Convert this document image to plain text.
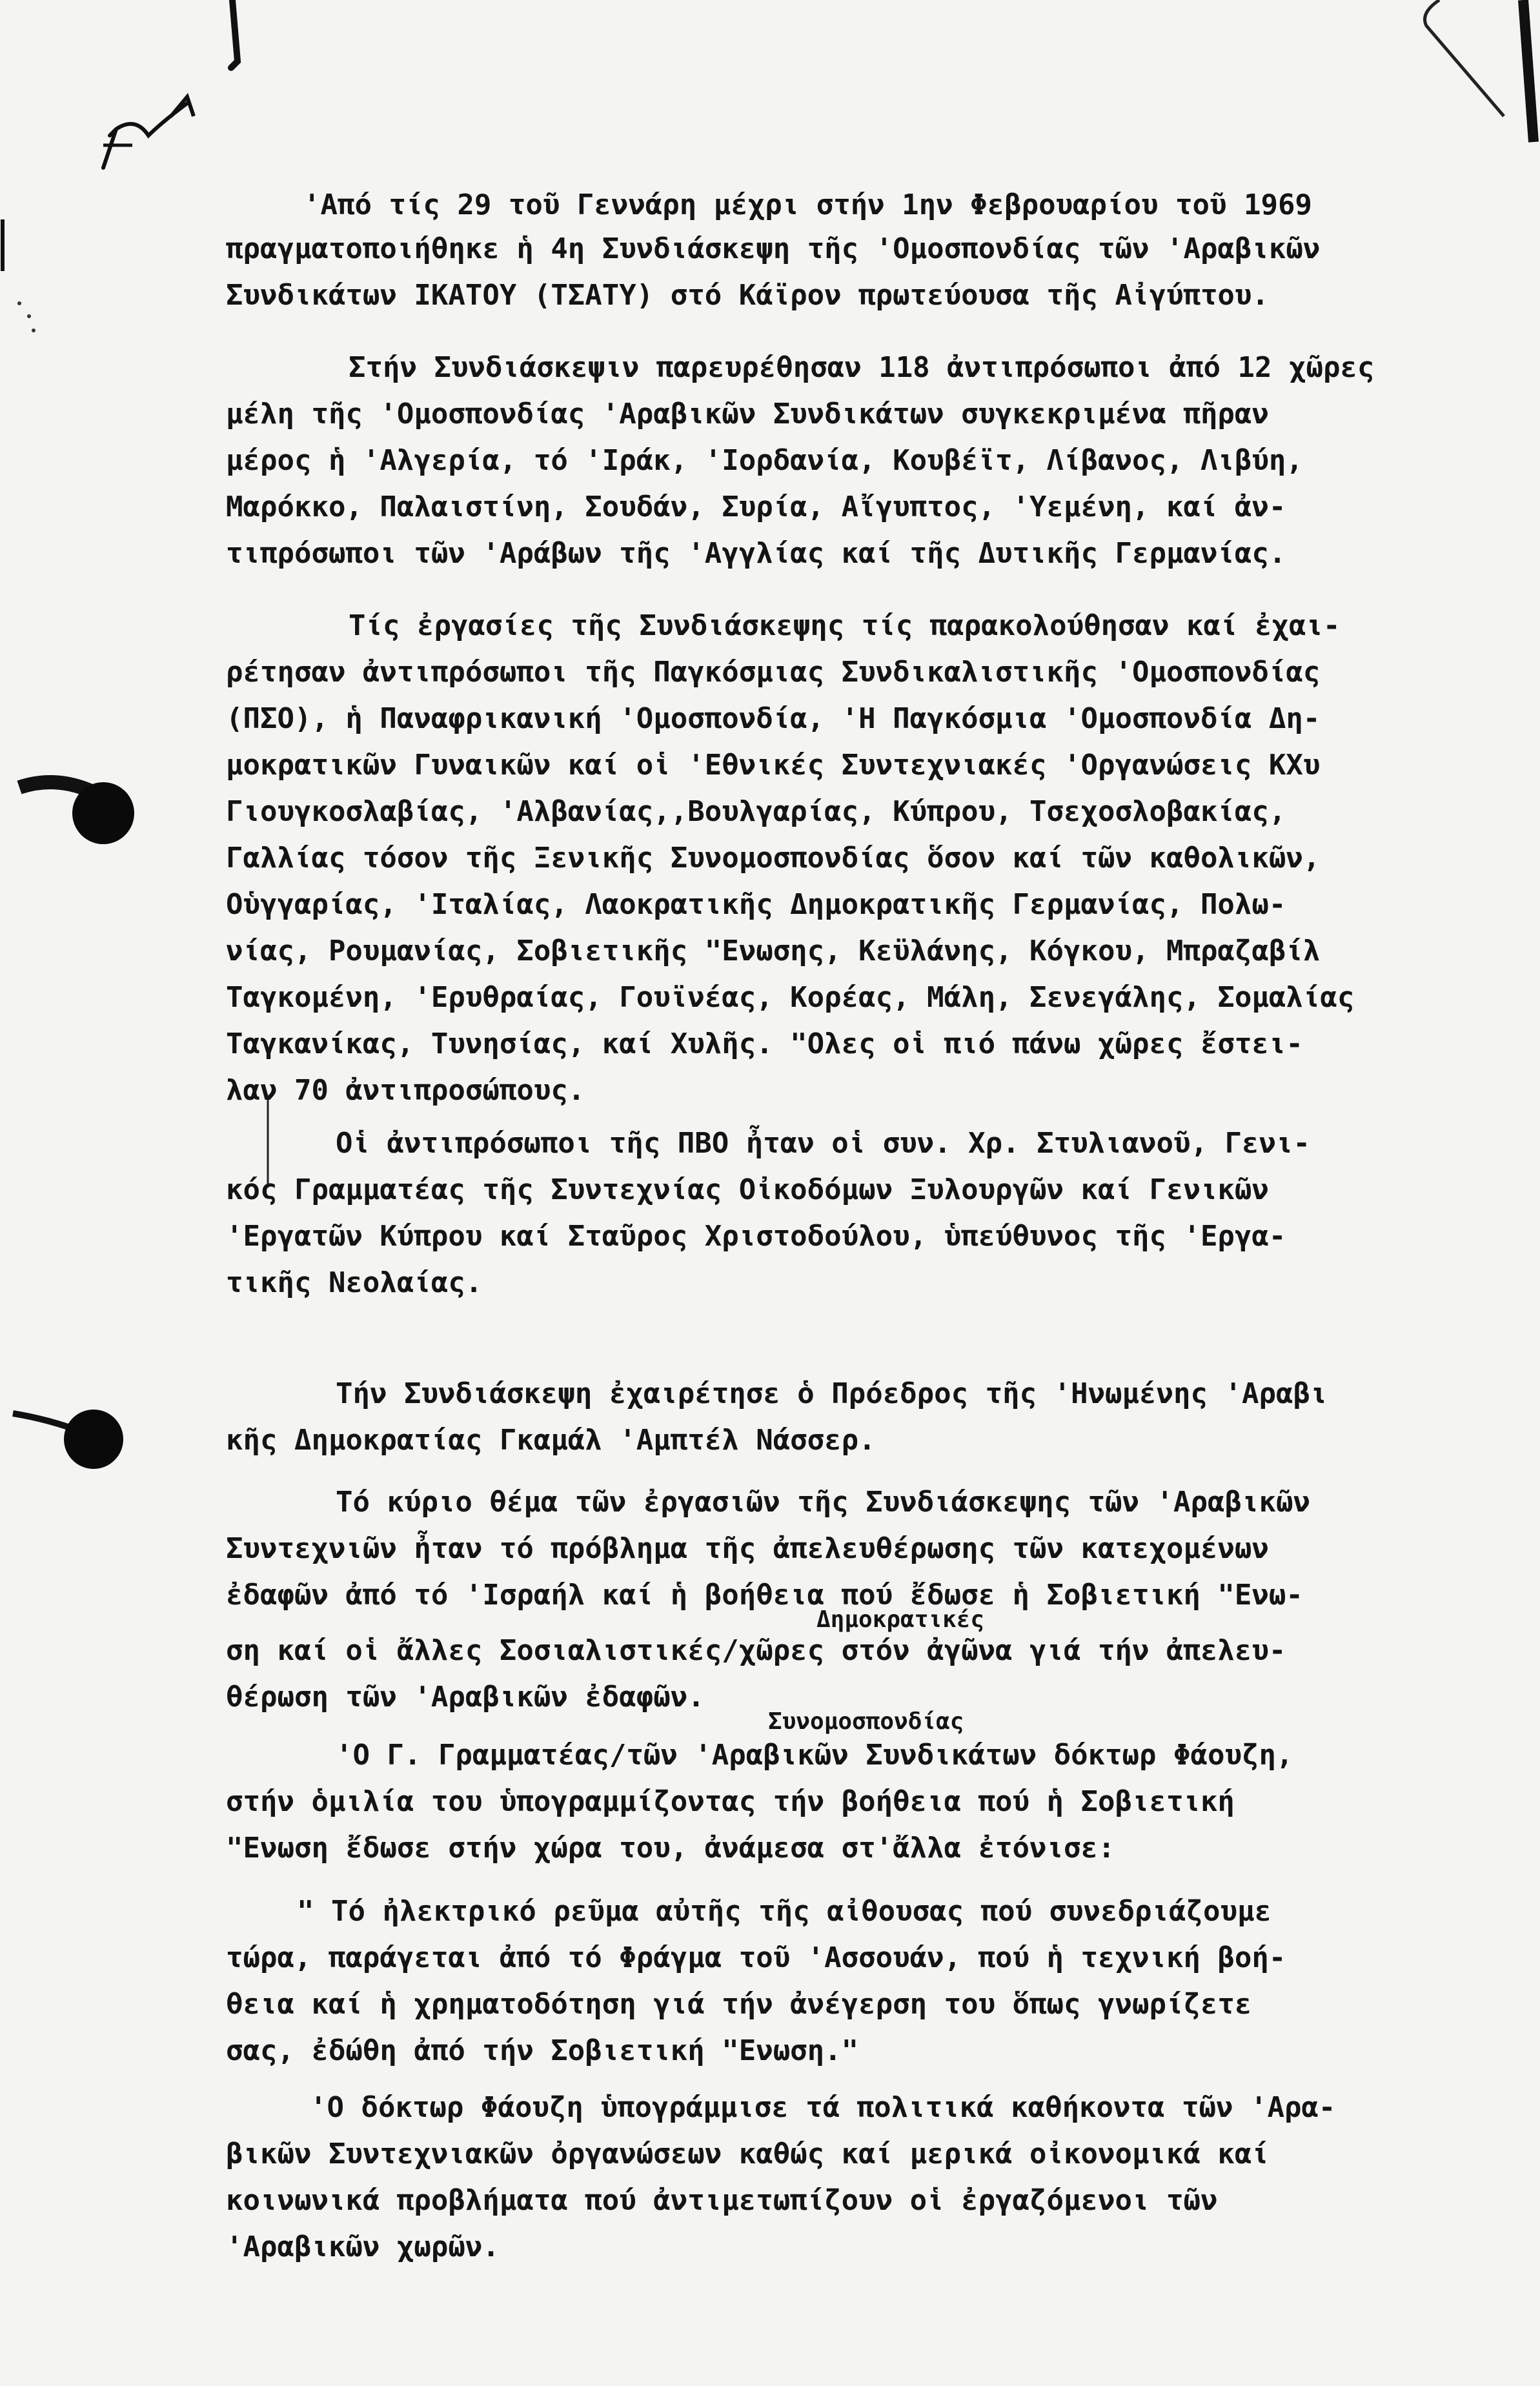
'Από τίς 29 τοῦ Γεννάρη μέχρι στήν 1ην Φεβρουαρίου τοῦ 1969
πραγματοποιήθηκε ἡ 4η Συνδιάσκεψη τῆς 'Ομοσπονδίας τῶν 'Αραβικῶν
Συνδικάτων ΙΚΑΤΟΥ (ΤΣΑΤΥ) στό Κάϊρον πρωτεύουσα τῆς Αἰγύπτου.
Στήν Συνδιάσκεψιν παρευρέθησαν 118 ἀντιπρόσωποι ἀπό 12 χῶρες
μέλη τῆς 'Ομοσπονδίας 'Αραβικῶν Συνδικάτων συγκεκριμένα πῆραν
μέρος ἡ 'Αλγερία, τό 'Ιράκ, 'Ιορδανία, Κουβέϊτ, Λίβανος, Λιβύη,
Μαρόκκο, Παλαιστίνη, Σουδάν, Συρία, Αἴγυπτος, 'Υεμένη, καί ἀν-
τιπρόσωποι τῶν 'Αράβων τῆς 'Αγγλίας καί τῆς Δυτικῆς Γερμανίας.
Τίς ἐργασίες τῆς Συνδιάσκεψης τίς παρακολούθησαν καί ἐχαι-
ρέτησαν ἀντιπρόσωποι τῆς Παγκόσμιας Συνδικαλιστικῆς 'Ομοσπονδίας
(ΠΣΟ), ἡ Παναφρικανική 'Ομοσπονδία, 'Η Παγκόσμια 'Ομοσπονδία Δη-
μοκρατικῶν Γυναικῶν καί οἱ 'Εθνικές Συντεχνιακές 'Οργανώσεις ΚΧυ
Γιουγκοσλαβίας, 'Αλβανίας,,Βουλγαρίας, Κύπρου, Τσεχοσλοβακίας,
Γαλλίας τόσον τῆς Ξενικῆς Συνομοσπονδίας ὅσον καί τῶν καθολικῶν,
Οὑγγαρίας, 'Ιταλίας, Λαοκρατικῆς Δημοκρατικῆς Γερμανίας, Πολω-
νίας, Ρουμανίας, Σοβιετικῆς "Ενωσης, Κεϋλάνης, Κόγκου, Μπραζαβίλ
Ταγκομένη, 'Ερυθραίας, Γουϊνέας, Κορέας, Μάλη, Σενεγάλης, Σομαλίας
Ταγκανίκας, Τυνησίας, καί Χυλῆς. "Ολες οἱ πιό πάνω χῶρες ἔστει-
λαν 70 ἀντιπροσώπους.
Οἱ ἀντιπρόσωποι τῆς ΠΒΟ ἦταν οἱ συν. Χρ. Στυλιανοῦ, Γενι-
κός Γραμματέας τῆς Συντεχνίας Οἰκοδόμων Ξυλουργῶν καί Γενικῶν
'Εργατῶν Κύπρου καί Σταῦρος Χριστοδούλου, ὑπεύθυνος τῆς 'Εργα-
τικῆς Νεολαίας.
Τήν Συνδιάσκεψη ἐχαιρέτησε ὁ Πρόεδρος τῆς 'Ηνωμένης 'Αραβι
κῆς Δημοκρατίας Γκαμάλ 'Αμπτέλ Νάσσερ.
Τό κύριο θέμα τῶν ἐργασιῶν τῆς Συνδιάσκεψης τῶν 'Αραβικῶν
Συντεχνιῶν ἦταν τό πρόβλημα τῆς ἀπελευθέρωσης τῶν κατεχομένων
ἐδαφῶν ἀπό τό 'Ισραήλ καί ἡ βοήθεια πού ἔδωσε ἡ Σοβιετική "Ενω-
Δημοκρατικές
ση καί οἱ ἄλλες Σοσιαλιστικές/χῶρες στόν ἀγῶνα γιά τήν ἀπελευ-
θέρωση τῶν 'Αραβικῶν ἐδαφῶν.
Συνομοσπονδίας
'Ο Γ. Γραμματέας/τῶν 'Αραβικῶν Συνδικάτων δόκτωρ Φάουζη,
στήν ὁμιλία του ὑπογραμμίζοντας τήν βοήθεια πού ἡ Σοβιετική
"Ενωση ἔδωσε στήν χώρα του, ἀνάμεσα στ'ἄλλα ἐτόνισε:
" Τό ἠλεκτρικό ρεῦμα αὐτῆς τῆς αἰθουσας πού συνεδριάζουμε
τώρα, παράγεται ἀπό τό Φράγμα τοῦ 'Ασσουάν, πού ἡ τεχνική βοή-
θεια καί ἡ χρηματοδότηση γιά τήν ἀνέγερση του ὅπως γνωρίζετε
σας, ἐδώθη ἀπό τήν Σοβιετική "Ενωση."
'Ο δόκτωρ Φάουζη ὑπογράμμισε τά πολιτικά καθήκοντα τῶν 'Αρα-
βικῶν Συντεχνιακῶν ὀργανώσεων καθώς καί μερικά οἰκονομικά καί
κοινωνικά προβλήματα πού ἀντιμετωπίζουν οἱ ἐργαζόμενοι τῶν
'Αραβικῶν χωρῶν.
